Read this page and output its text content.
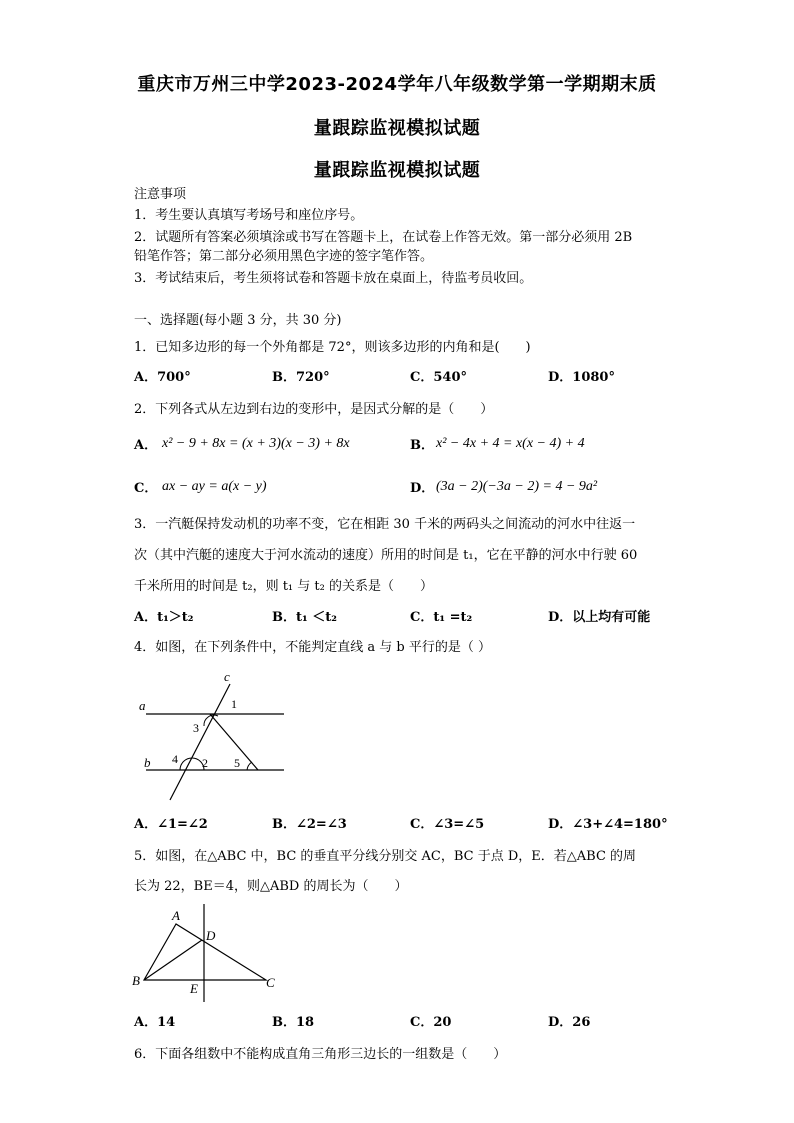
重庆市万州三中学2023-2024学年八年级数学第一学期期末质
量跟踪监视模拟试题
量跟踪监视模拟试题
注意事项
1．考生要认真填写考场号和座位序号。
2．试题所有答案必须填涂或书写在答题卡上，在试卷上作答无效。第一部分必须用 2B
铅笔作答；第二部分必须用黑色字迹的签字笔作答。
3．考试结束后，考生须将试卷和答题卡放在桌面上，待监考员收回。
一、选择题(每小题 3 分，共 30 分)
1．已知多边形的每一个外角都是 72°，则该多边形的内角和是(　　)
A．700°	B．720°	C．540°	D．1080°
2．下列各式从左边到右边的变形中，是因式分解的是（　　）
A． x² − 9 + 8x = (x + 3)(x − 3) + 8x	B． x² − 4x + 4 = x(x − 4) + 4
C． ax − ay = a(x − y)	D． (3a − 2)(−3a − 2) = 4 − 9a²
3．一汽艇保持发动机的功率不变，它在相距 30 千米的两码头之间流动的河水中往返一
次（其中汽艇的速度大于河水流动的速度）所用的时间是 t₁，它在平静的河水中行驶 60
千米所用的时间是 t₂，则 t₁ 与 t₂ 的关系是（　　）
A．t₁＞t₂	B．t₁ ＜t₂	C．t₁ =t₂	D．以上均有可能
4．如图，在下列条件中，不能判定直线 a 与 b 平行的是（ ）
c
a
b
1
3
4 2 5
A．∠1=∠2	B．∠2=∠3	C．∠3=∠5	D．∠3+∠4=180°
5．如图，在△ABC 中，BC 的垂直平分线分别交 AC，BC 于点 D，E．若△ABC 的周
长为 22，BE＝4，则△ABD 的周长为（　　）
A
D
B	C
E
A．14	B．18	C．20	D．26
6．下面各组数中不能构成直角三角形三边长的一组数是（　　）
